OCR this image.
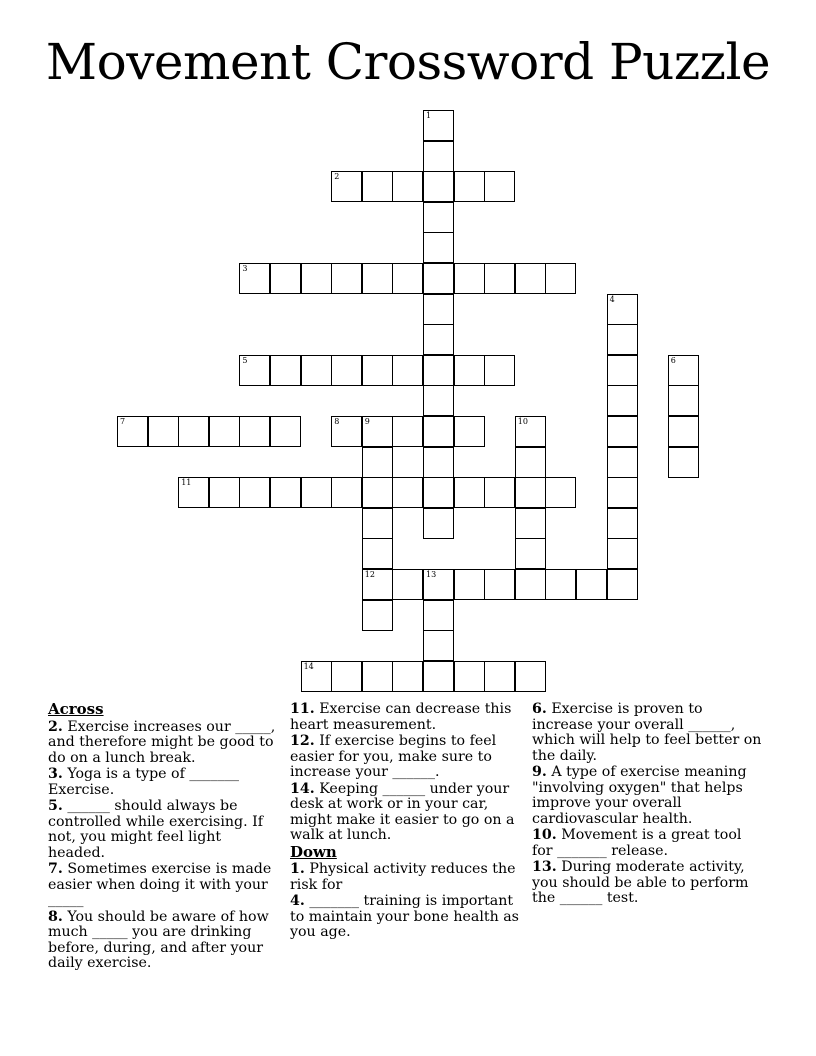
Movement Crossword Puzzle
2
3
5
7	8	9
11
12	13
14
1
4
6
10

Across

2. Exercise increases our _____, and therefore might be good to do on a lunch break.

3. Yoga is a type of _______ Exercise.

5. ______ should always be controlled while exercising. If not, you might feel light headed.

7. Sometimes exercise is made easier when doing it with your _____

8. You should be aware of how much _____ you are drinking before, during, and after your daily exercise.

11. Exercise can decrease this heart measurement.

12. If exercise begins to feel easier for you, make sure to increase your ______.

14. Keeping ______ under your desk at work or in your car, might make it easier to go on a walk at lunch.

Down

1. Physical activity reduces the risk for

4. _______ training is important to maintain your bone health as you age.

6. Exercise is proven to increase your overall ______, which will help to feel better on the daily.

9. A type of exercise meaning "involving oxygen" that helps improve your overall cardiovascular health.

10. Movement is a great tool for _______ release.

13. During moderate activity, you should be able to perform the ______ test.
